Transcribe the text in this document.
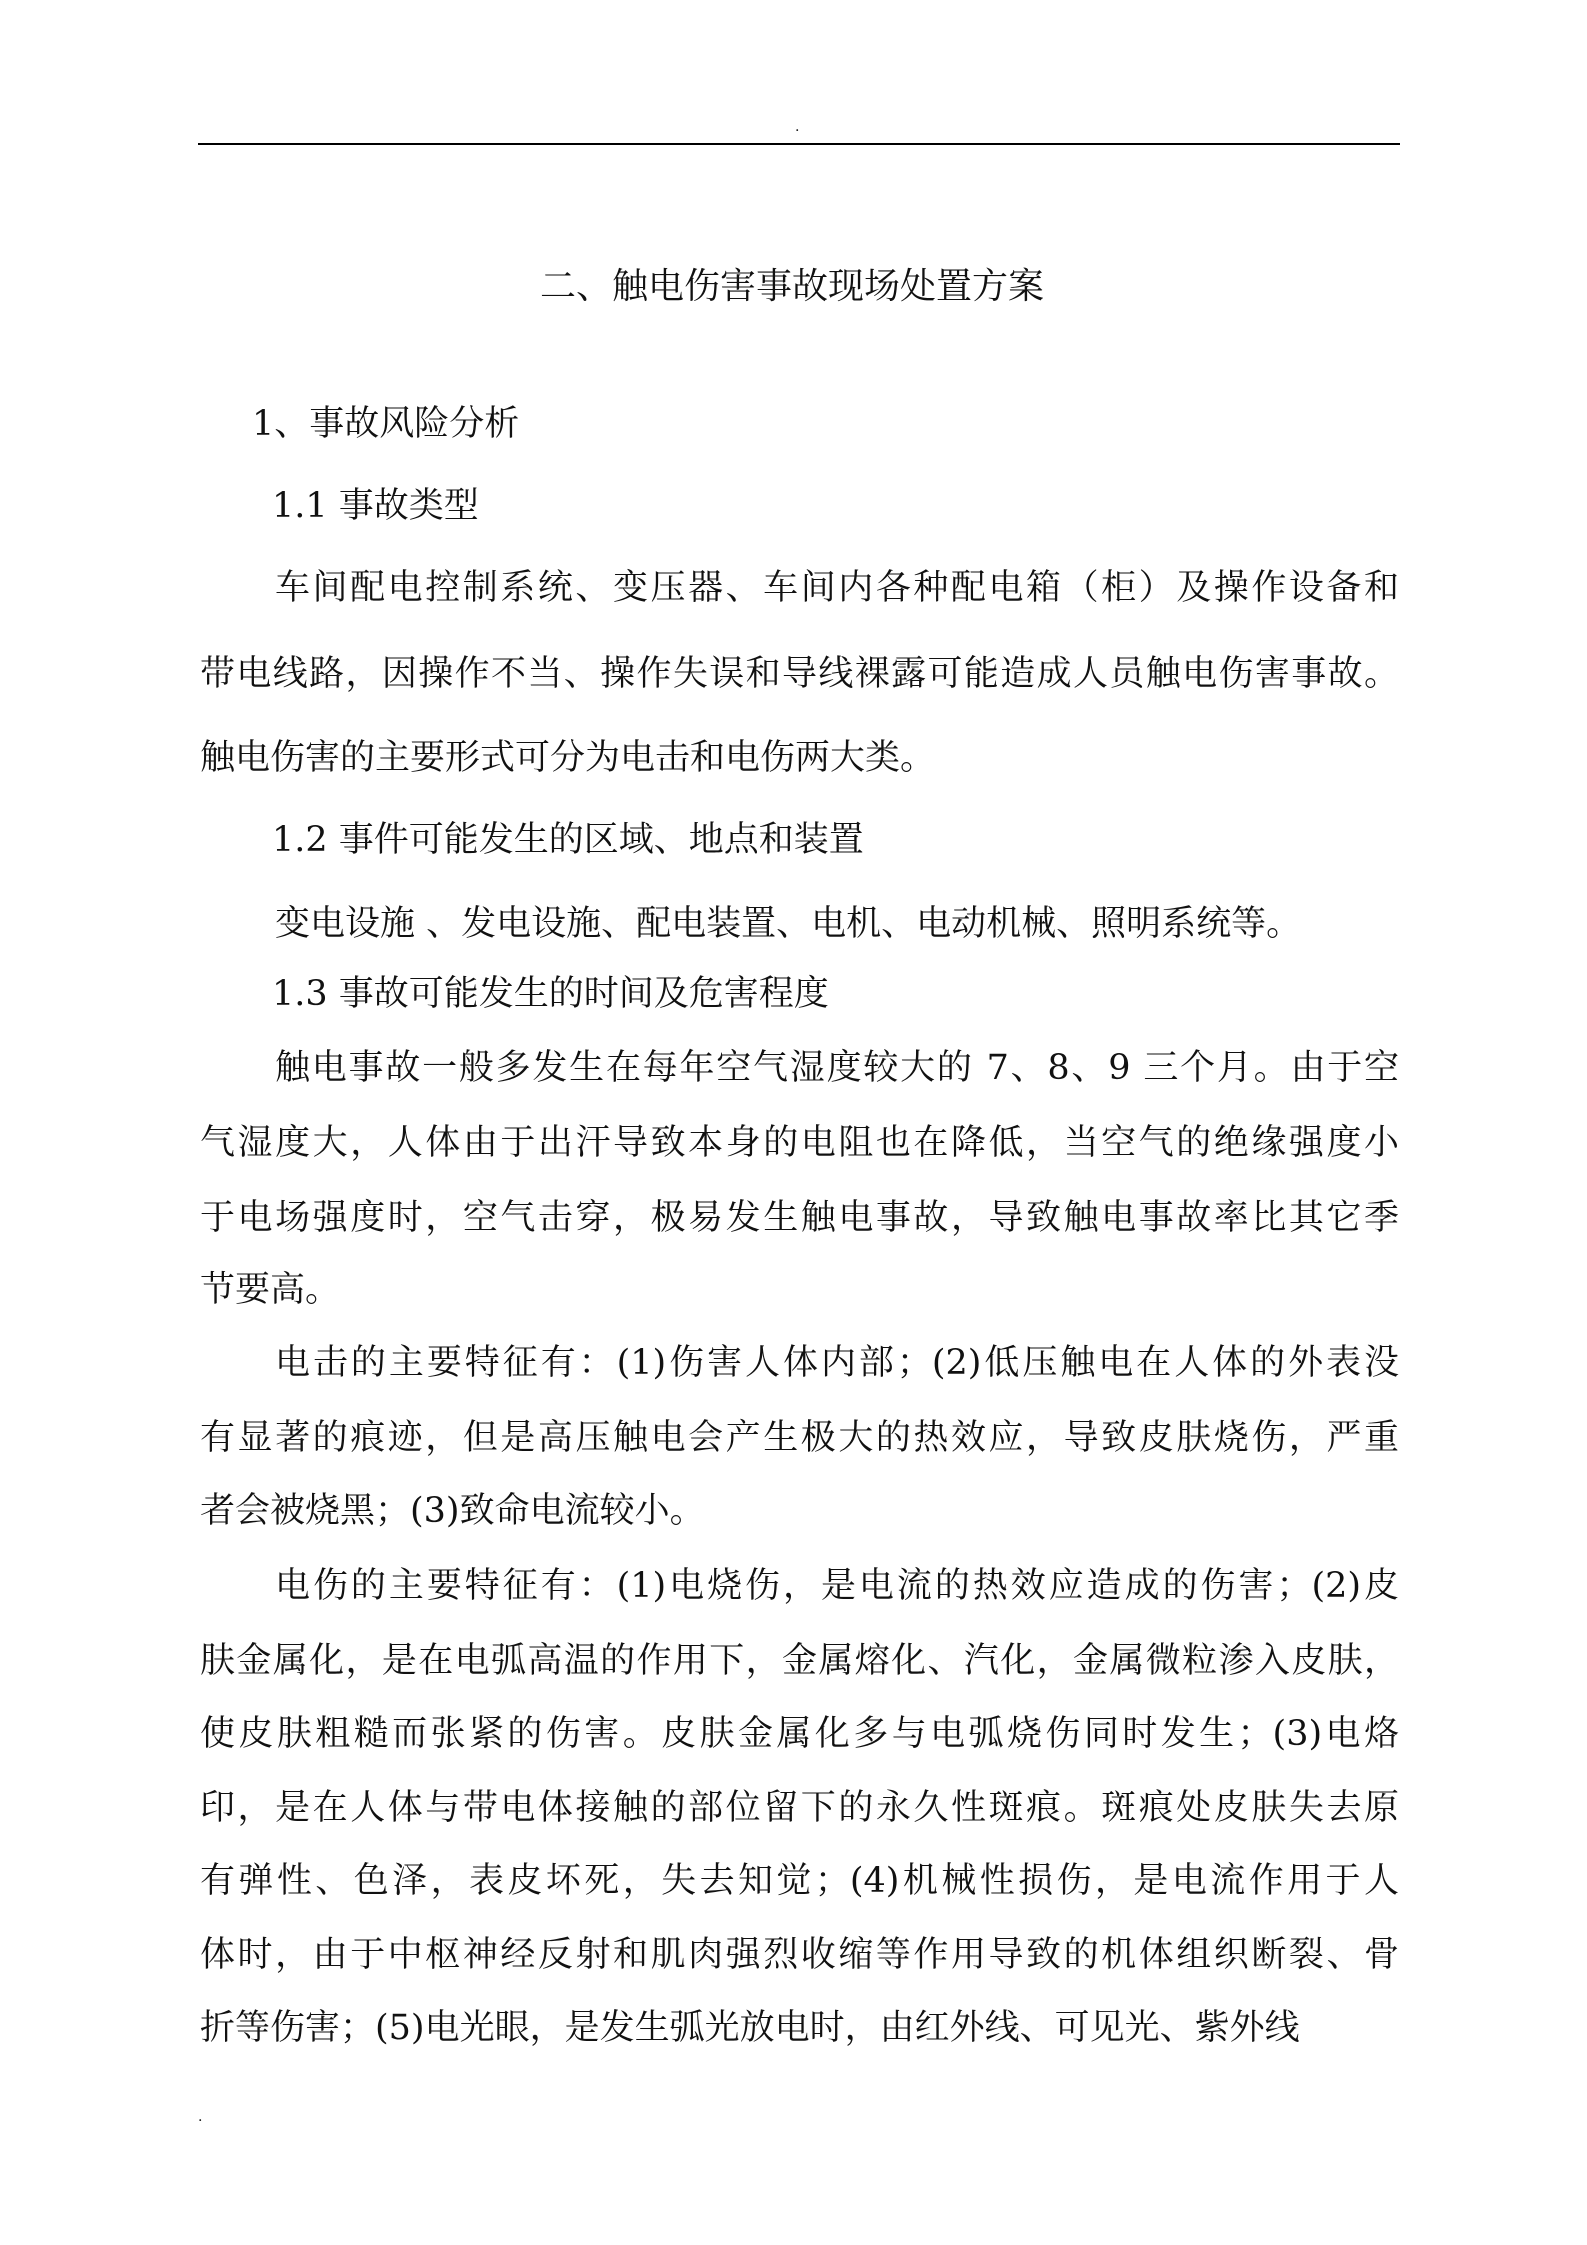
.
二、触电伤害事故现场处置方案
1、事故风险分析
1.1 事故类型
车间配电控制系统、变压器、车间内各种配电箱（柜）及操作设备和
带电线路，因操作不当、操作失误和导线裸露可能造成人员触电伤害事故。
触电伤害的主要形式可分为电击和电伤两大类。
1.2 事件可能发生的区域、地点和装置
变电设施 、发电设施、配电装置、电机、电动机械、照明系统等。
1.3 事故可能发生的时间及危害程度
触电事故一般多发生在每年空气湿度较大的 7、8、9 三个月。由于空
气湿度大，人体由于出汗导致本身的电阻也在降低，当空气的绝缘强度小
于电场强度时，空气击穿，极易发生触电事故，导致触电事故率比其它季
节要高。
电击的主要特征有：(1)伤害人体内部；(2)低压触电在人体的外表没
有显著的痕迹，但是高压触电会产生极大的热效应，导致皮肤烧伤，严重
者会被烧黑；(3)致命电流较小。
电伤的主要特征有：(1)电烧伤，是电流的热效应造成的伤害；(2)皮
肤金属化，是在电弧高温的作用下，金属熔化、汽化，金属微粒渗入皮肤，
使皮肤粗糙而张紧的伤害。皮肤金属化多与电弧烧伤同时发生；(3)电烙
印，是在人体与带电体接触的部位留下的永久性斑痕。斑痕处皮肤失去原
有弹性、色泽，表皮坏死，失去知觉；(4)机械性损伤，是电流作用于人
体时，由于中枢神经反射和肌肉强烈收缩等作用导致的机体组织断裂、骨
折等伤害；(5)电光眼，是发生弧光放电时，由红外线、可见光、紫外线
.
